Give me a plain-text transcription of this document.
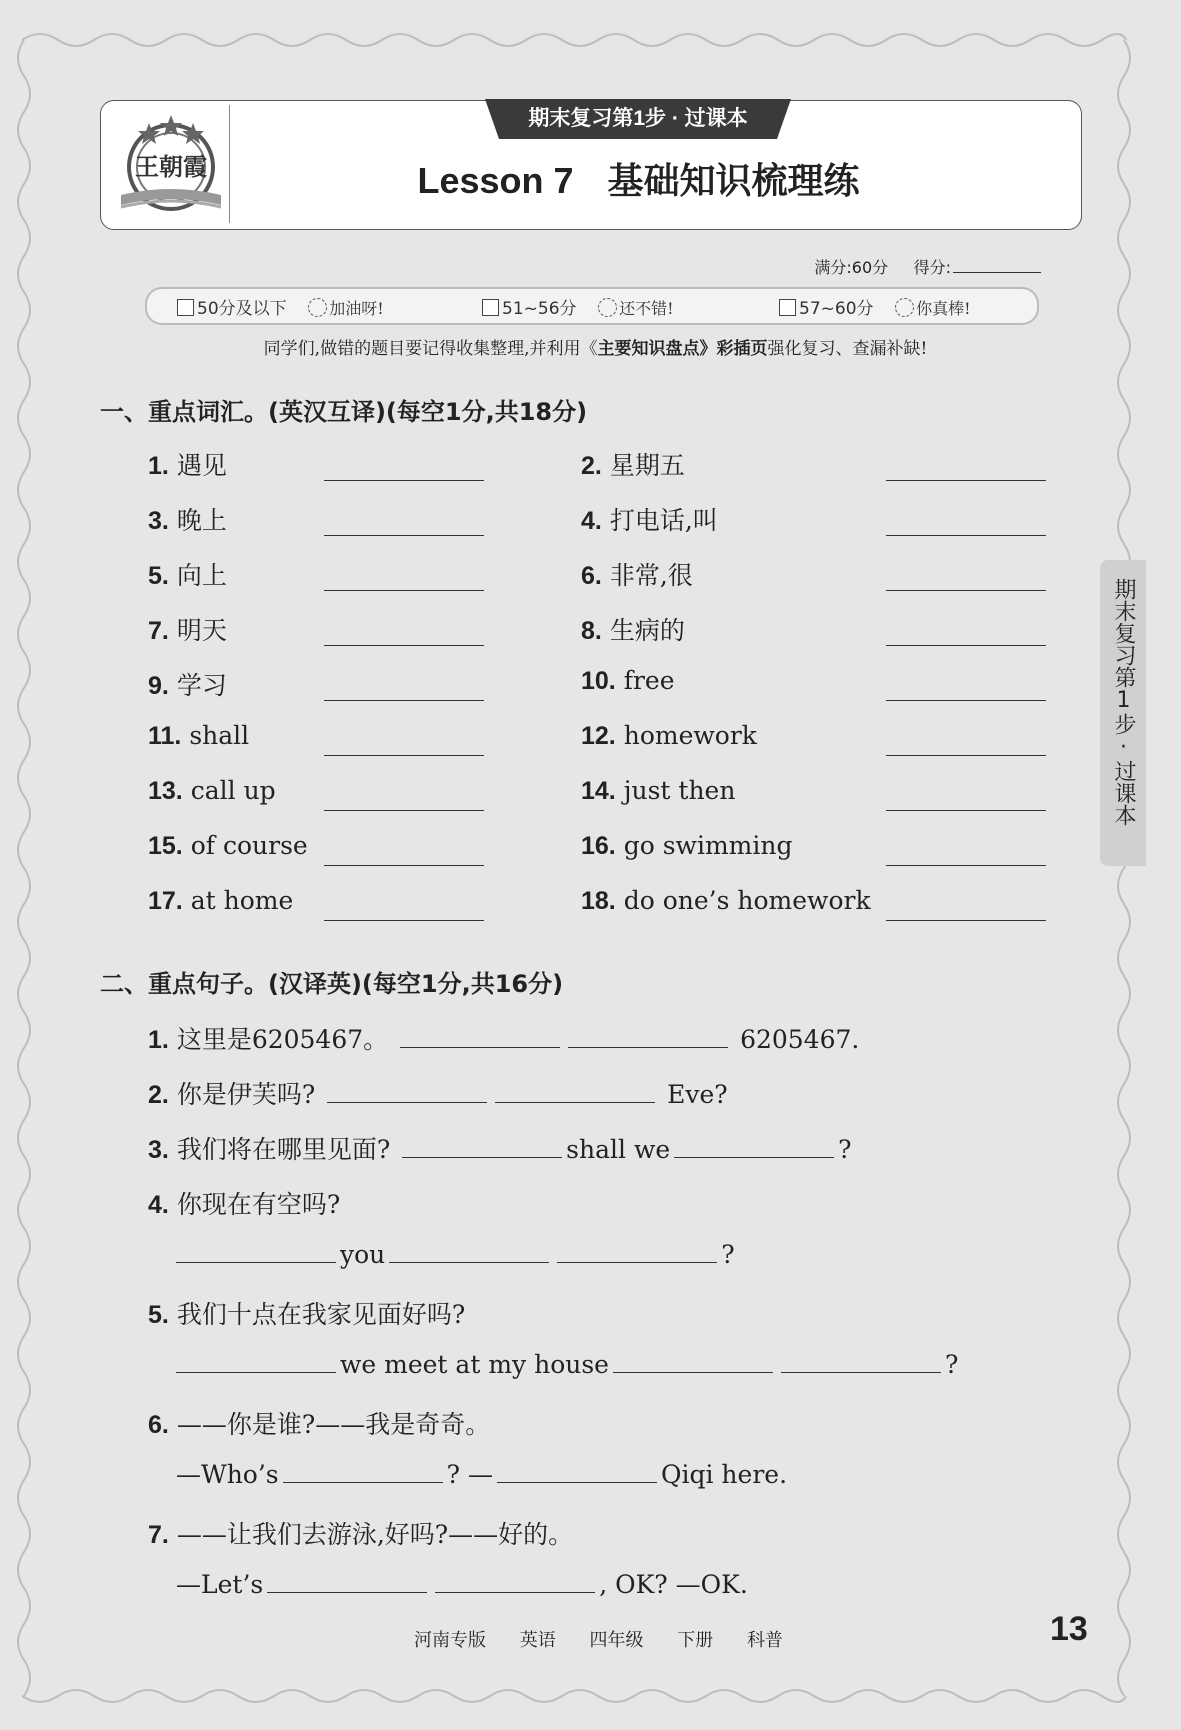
王朝霞
期末复习第1步 · 过课本
Lesson 7 基础知识梳理练
满分:60分 得分:
50分及以下	加油呀!	51~56分	还不错!	57~60分	你真棒!
同学们,做错的题目要记得收集整理,并利用《主要知识盘点》彩插页强化复习、查漏补缺!
一、重点词汇。(英汉互译)(每空1分,共18分)
1. 遇见	2. 星期五
3. 晚上	4. 打电话,叫
5. 向上	6. 非常,很
7. 明天	8. 生病的
9. 学习	10. free
11. shall	12. homework
13. call up	14. just then
15. of course	16. go swimming
17. at home	18. do one’s homework
二、重点句子。(汉译英)(每空1分,共16分)
1. 这里是6205467。	6205467.
2. 你是伊芙吗?	Eve?
3. 我们将在哪里见面?	shall we	?
4. 你现在有空吗?
you	?
5. 我们十点在我家见面好吗?
we meet at my house	?
6. ——你是谁?——我是奇奇。
—Who’s	? —	Qiqi here.
7. ——让我们去游泳,好吗?——好的。
—Let’s	, OK? —OK.
期末复习第1步·过课本
河南专版 英语 四年级 下册 科普	13
